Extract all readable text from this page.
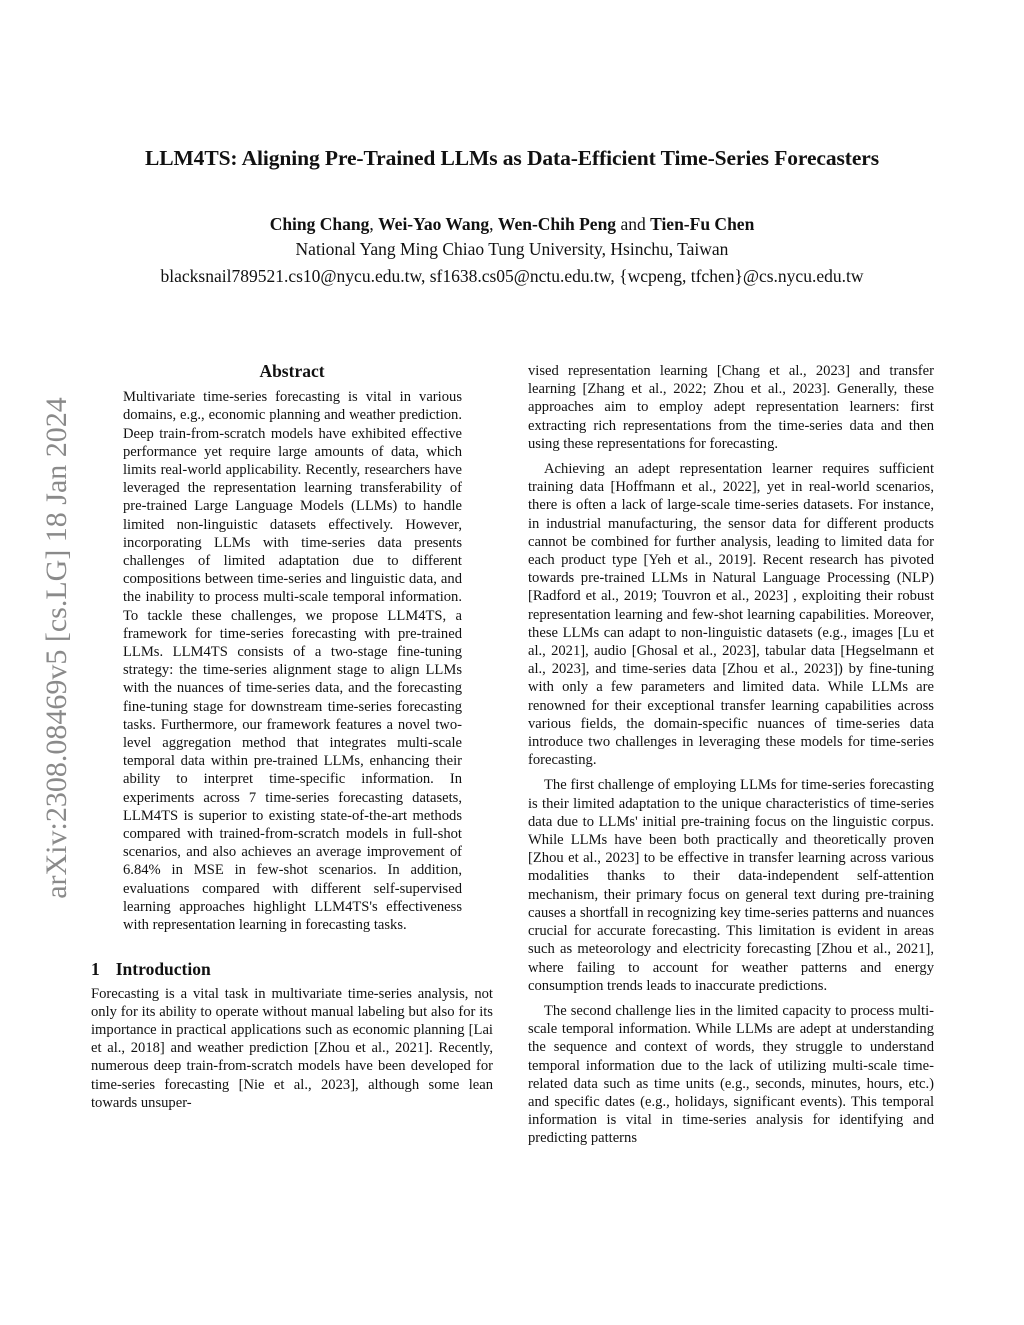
LLM4TS: Aligning Pre-Trained LLMs as Data-Efficient Time-Series Forecasters
Ching Chang, Wei-Yao Wang, Wen-Chih Peng and Tien-Fu Chen
National Yang Ming Chiao Tung University, Hsinchu, Taiwan
blacksnail789521.cs10@nycu.edu.tw, sf1638.cs05@nctu.edu.tw, {wcpeng, tfchen}@cs.nycu.edu.tw
arXiv:2308.08469v5 [cs.LG] 18 Jan 2024
Abstract

Multivariate time-series forecasting is vital in various domains, e.g., economic planning and weather prediction. Deep train-from-scratch models have exhibited effective performance yet require large amounts of data, which limits real-world applicability. Recently, researchers have leveraged the representation learning transferability of pre-trained Large Language Models (LLMs) to handle limited non-linguistic datasets effectively. However, incorporating LLMs with time-series data presents challenges of limited adaptation due to different compositions between time-series and linguistic data, and the inability to process multi-scale temporal information. To tackle these challenges, we propose LLM4TS, a framework for time-series forecasting with pre-trained LLMs. LLM4TS consists of a two-stage fine-tuning strategy: the time-series alignment stage to align LLMs with the nuances of time-series data, and the forecasting fine-tuning stage for downstream time-series forecasting tasks. Furthermore, our framework features a novel two-level aggregation method that integrates multi-scale temporal data within pre-trained LLMs, enhancing their ability to interpret time-specific information. In experiments across 7 time-series forecasting datasets, LLM4TS is superior to existing state-of-the-art methods compared with trained-from-scratch models in full-shot scenarios, and also achieves an average improvement of 6.84% in MSE in few-shot scenarios. In addition, evaluations compared with different self-supervised learning approaches highlight LLM4TS's effectiveness with representation learning in forecasting tasks.

1 Introduction

Forecasting is a vital task in multivariate time-series analysis, not only for its ability to operate without manual labeling but also for its importance in practical applications such as economic planning [Lai et al., 2018] and weather prediction [Zhou et al., 2021]. Recently, numerous deep train-from-scratch models have been developed for time-series forecasting [Nie et al., 2023], although some lean towards unsuper-

vised representation learning [Chang et al., 2023] and transfer learning [Zhang et al., 2022; Zhou et al., 2023]. Generally, these approaches aim to employ adept representation learners: first extracting rich representations from the time-series data and then using these representations for forecasting.

Achieving an adept representation learner requires sufficient training data [Hoffmann et al., 2022], yet in real-world scenarios, there is often a lack of large-scale time-series datasets. For instance, in industrial manufacturing, the sensor data for different products cannot be combined for further analysis, leading to limited data for each product type [Yeh et al., 2019]. Recent research has pivoted towards pre-trained LLMs in Natural Language Processing (NLP) [Radford et al., 2019; Touvron et al., 2023] , exploiting their robust representation learning and few-shot learning capabilities. Moreover, these LLMs can adapt to non-linguistic datasets (e.g., images [Lu et al., 2021], audio [Ghosal et al., 2023], tabular data [Hegselmann et al., 2023], and time-series data [Zhou et al., 2023]) by fine-tuning with only a few parameters and limited data. While LLMs are renowned for their exceptional transfer learning capabilities across various fields, the domain-specific nuances of time-series data introduce two challenges in leveraging these models for time-series forecasting.

The first challenge of employing LLMs for time-series forecasting is their limited adaptation to the unique characteristics of time-series data due to LLMs' initial pre-training focus on the linguistic corpus. While LLMs have been both practically and theoretically proven [Zhou et al., 2023] to be effective in transfer learning across various modalities thanks to their data-independent self-attention mechanism, their primary focus on general text during pre-training causes a shortfall in recognizing key time-series patterns and nuances crucial for accurate forecasting. This limitation is evident in areas such as meteorology and electricity forecasting [Zhou et al., 2021], where failing to account for weather patterns and energy consumption trends leads to inaccurate predictions.

The second challenge lies in the limited capacity to process multi-scale temporal information. While LLMs are adept at understanding the sequence and context of words, they struggle to understand temporal information due to the lack of utilizing multi-scale time-related data such as time units (e.g., seconds, minutes, hours, etc.) and specific dates (e.g., holidays, significant events). This temporal information is vital in time-series analysis for identifying and predicting patterns
